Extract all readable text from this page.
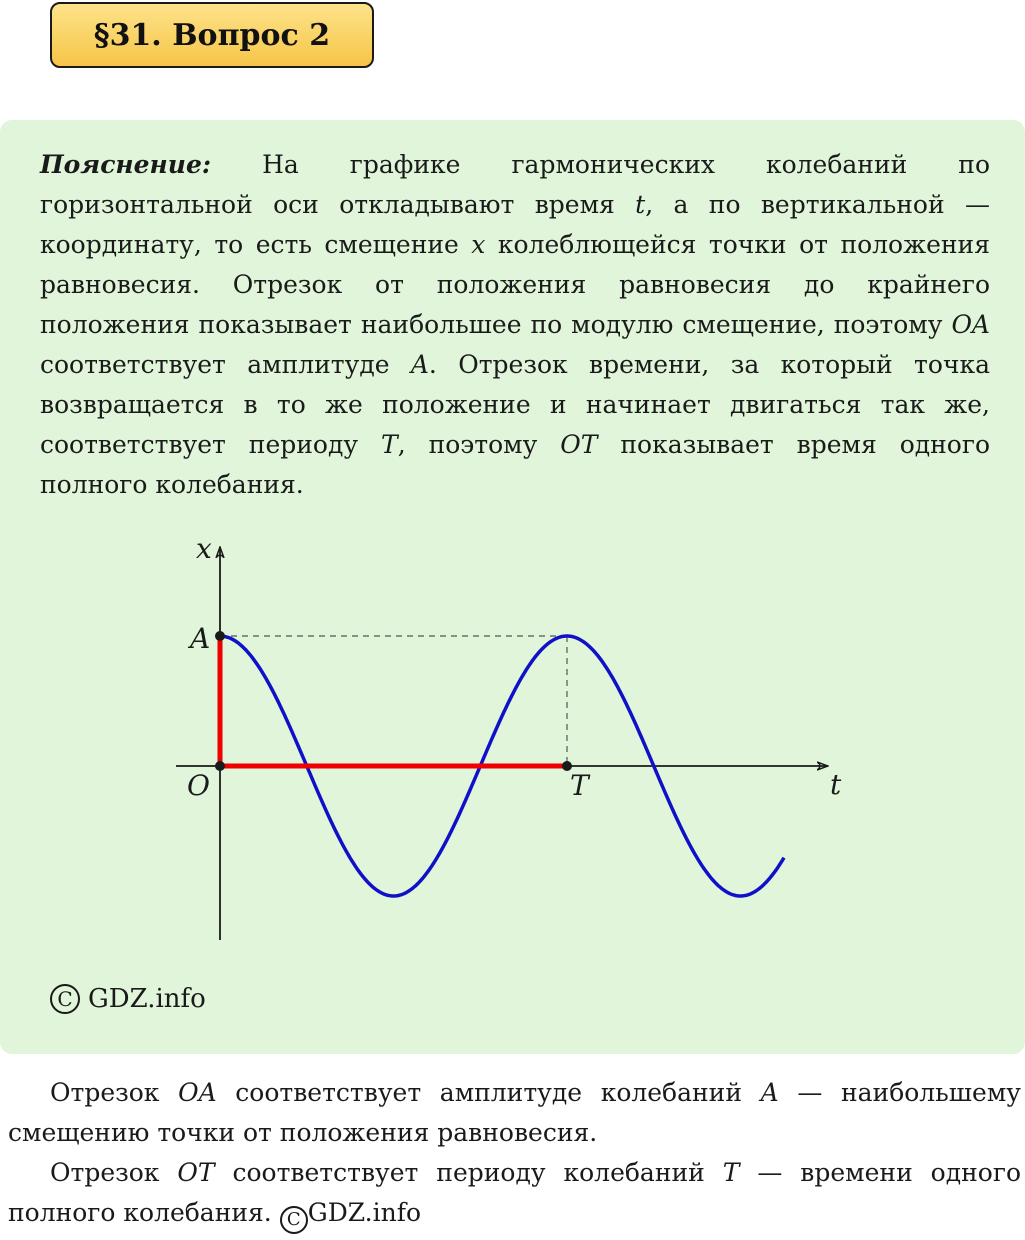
§31. Вопрос 2
Пояснение: На графике гармонических колебаний по горизонтальной оси откладывают время t, а по вертикальной — координату, то есть смещение x колеблющейся точки от положения равновесия. Отрезок от положения равновесия до крайнего положения показывает наибольшее по модулю смещение, поэтому OA соответствует амплитуде A. Отрезок времени, за который точка возвращается в то же положение и начинает двигаться так же, соответствует периоду T, поэтому OT показывает время одного полного колебания.
x
t
A
O	T
C GDZ.info
Отрезок OA соответствует амплитуде колебаний A — наибольшему смещению точки от положения равновесия.
Отрезок OT соответствует периоду колебаний T — времени одного полного колебания. C GDZ.info
